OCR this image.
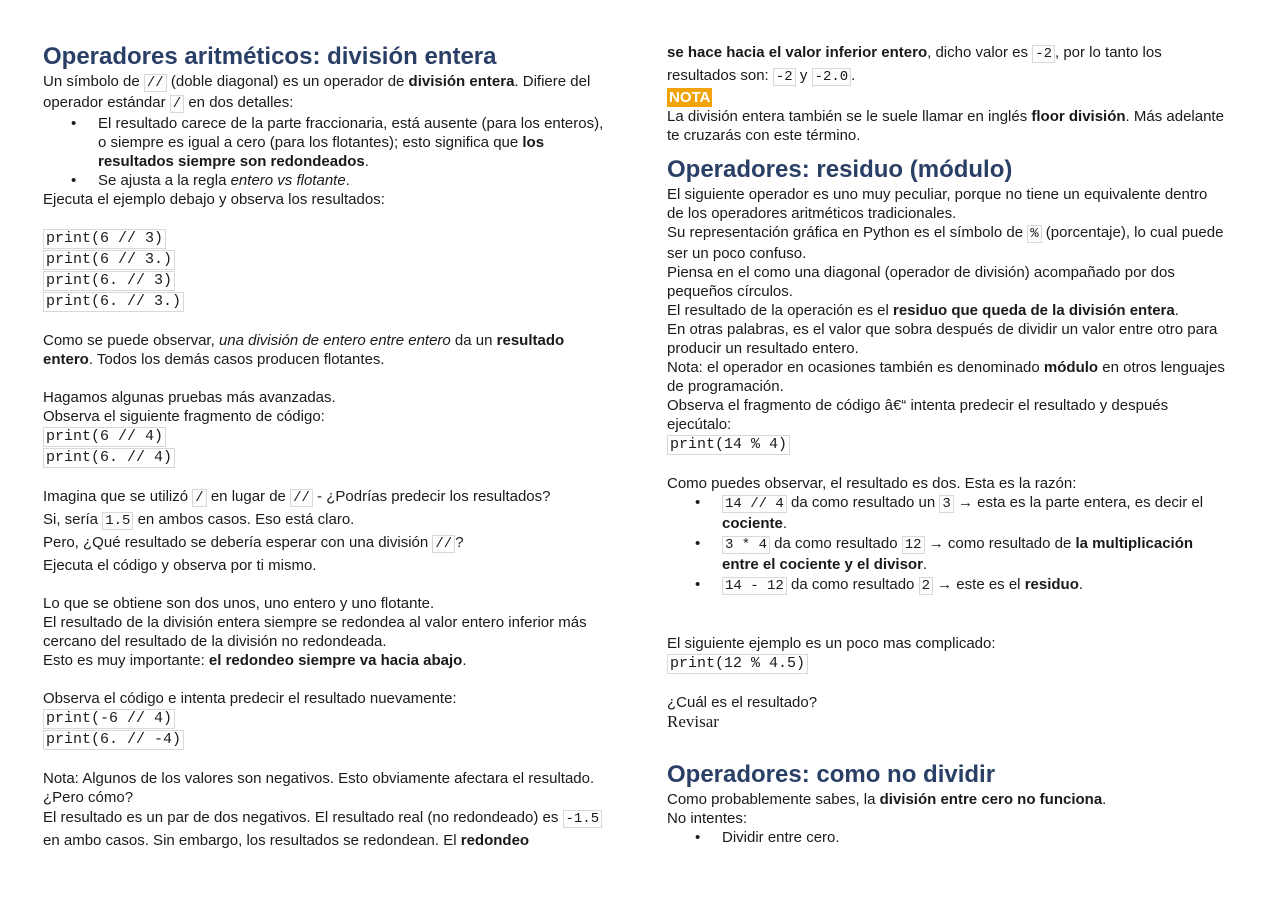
Operadores aritméticos: división entera

Un símbolo de // (doble diagonal) es un operador de división entera. Difiere del operador estándar / en dos detalles:

• El resultado carece de la parte fraccionaria, está ausente (para los enteros), o siempre es igual a cero (para los flotantes); esto significa que los resultados siempre son redondeados.
• Se ajusta a la regla entero vs flotante.

Ejecuta el ejemplo debajo y observa los resultados:

print(6 // 3)
print(6 // 3.)
print(6. // 3)
print(6. // 3.)

Como se puede observar, una división de entero entre entero da un resultado entero. Todos los demás casos producen flotantes.

Hagamos algunas pruebas más avanzadas.

Observa el siguiente fragmento de código:

print(6 // 4)
print(6. // 4)

Imagina que se utilizó / en lugar de // - ¿Podrías predecir los resultados?

Si, sería 1.5 en ambos casos. Eso está claro.

Pero, ¿Qué resultado se debería esperar con una división // ?

Ejecuta el código y observa por ti mismo.

Lo que se obtiene son dos unos, uno entero y uno flotante.

El resultado de la división entera siempre se redondea al valor entero inferior más cercano del resultado de la división no redondeada.

Esto es muy importante: el redondeo siempre va hacia abajo.

Observa el código e intenta predecir el resultado nuevamente:

print(-6 // 4)
print(6. // -4)

Nota: Algunos de los valores son negativos. Esto obviamente afectara el resultado. ¿Pero cómo?

El resultado es un par de dos negativos. El resultado real (no redondeado) es -1.5 en ambo casos. Sin embargo, los resultados se redondean. El redondeo

se hace hacia el valor inferior entero, dicho valor es -2 , por lo tanto los resultados son: -2 y -2.0 .

NOTA

La división entera también se le suele llamar en inglés floor división. Más adelante te cruzarás con este término.

Operadores: residuo (módulo)

El siguiente operador es uno muy peculiar, porque no tiene un equivalente dentro de los operadores aritméticos tradicionales.

Su representación gráfica en Python es el símbolo de % (porcentaje), lo cual puede ser un poco confuso.

Piensa en el como una diagonal (operador de división) acompañado por dos pequeños círculos.

El resultado de la operación es el residuo que queda de la división entera.

En otras palabras, es el valor que sobra después de dividir un valor entre otro para producir un resultado entero.

Nota: el operador en ocasiones también es denominado módulo en otros lenguajes de programación.

Observa el fragmento de código â€“ intenta predecir el resultado y después ejecútalo:

print(14 % 4)

Como puedes observar, el resultado es dos. Esta es la razón:

• 14 // 4 da como resultado un 3 → esta es la parte entera, es decir el cociente.
• 3 * 4 da como resultado 12 → como resultado de la multiplicación entre el cociente y el divisor.
• 14 - 12 da como resultado 2 → este es el residuo.

El siguiente ejemplo es un poco mas complicado:

print(12 % 4.5)

¿Cuál es el resultado?

Revisar

Operadores: como no dividir

Como probablemente sabes, la división entre cero no funciona.

No intentes:

• Dividir entre cero.
